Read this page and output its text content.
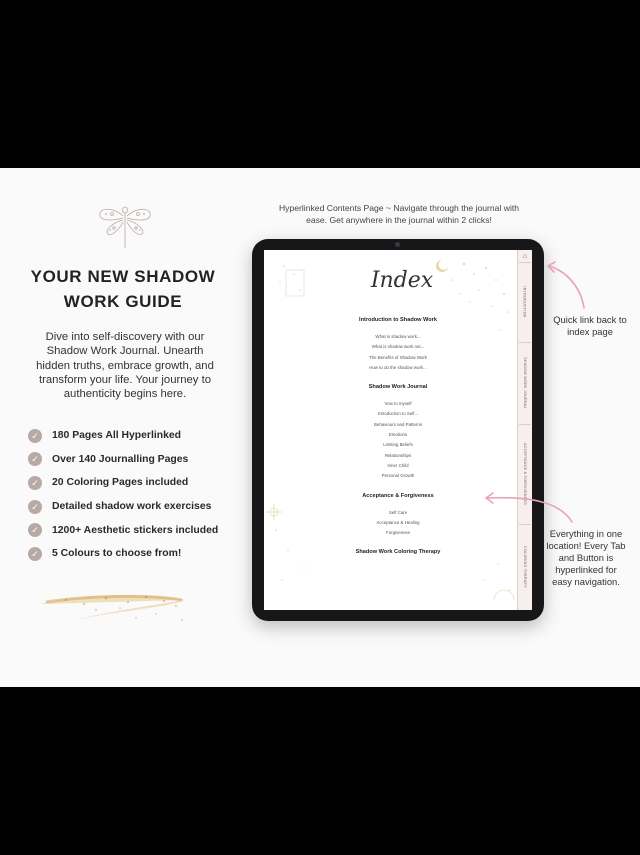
YOUR NEW SHADOW
WORK GUIDE
Dive into self-discovery with our Shadow Work Journal. Unearth hidden truths, embrace growth, and transform your life. Your journey to authenticity begins here.
✓	180 Pages All Hyperlinked
✓	Over 140 Journalling Pages
✓	20 Coloring Pages included
✓	Detailed shadow work exercises
✓	1200+ Aesthetic stickers included
✓	5 Colours to choose from!
Hyperlinked Contents Page ~ Navigate through the journal with ease. Get anywhere in the journal within 2 clicks!
Index
Introduction to Shadow Work
What is shadow work...
What is shadow work not...
The Benefits of Shadow Work
How to do the shadow work...
Shadow Work Journal
Vow to myself
Introduction to Self...
Behaviours and Patterns
Emotions
Limiting Beliefs
Relationships
Inner Child
Personal Growth
Acceptance & Forgiveness
Self Care
Acceptance & Healing
Forgiveness
Shadow Work Coloring Therapy
⌂
INTRODUCTION
SHADOW WORK JOURNAL
ACCEPTANCE & FORGIVENESS
COLORING THERAPY
Quick link back to index page
Everything in one location! Every Tab and Button is hyperlinked for easy navigation.
